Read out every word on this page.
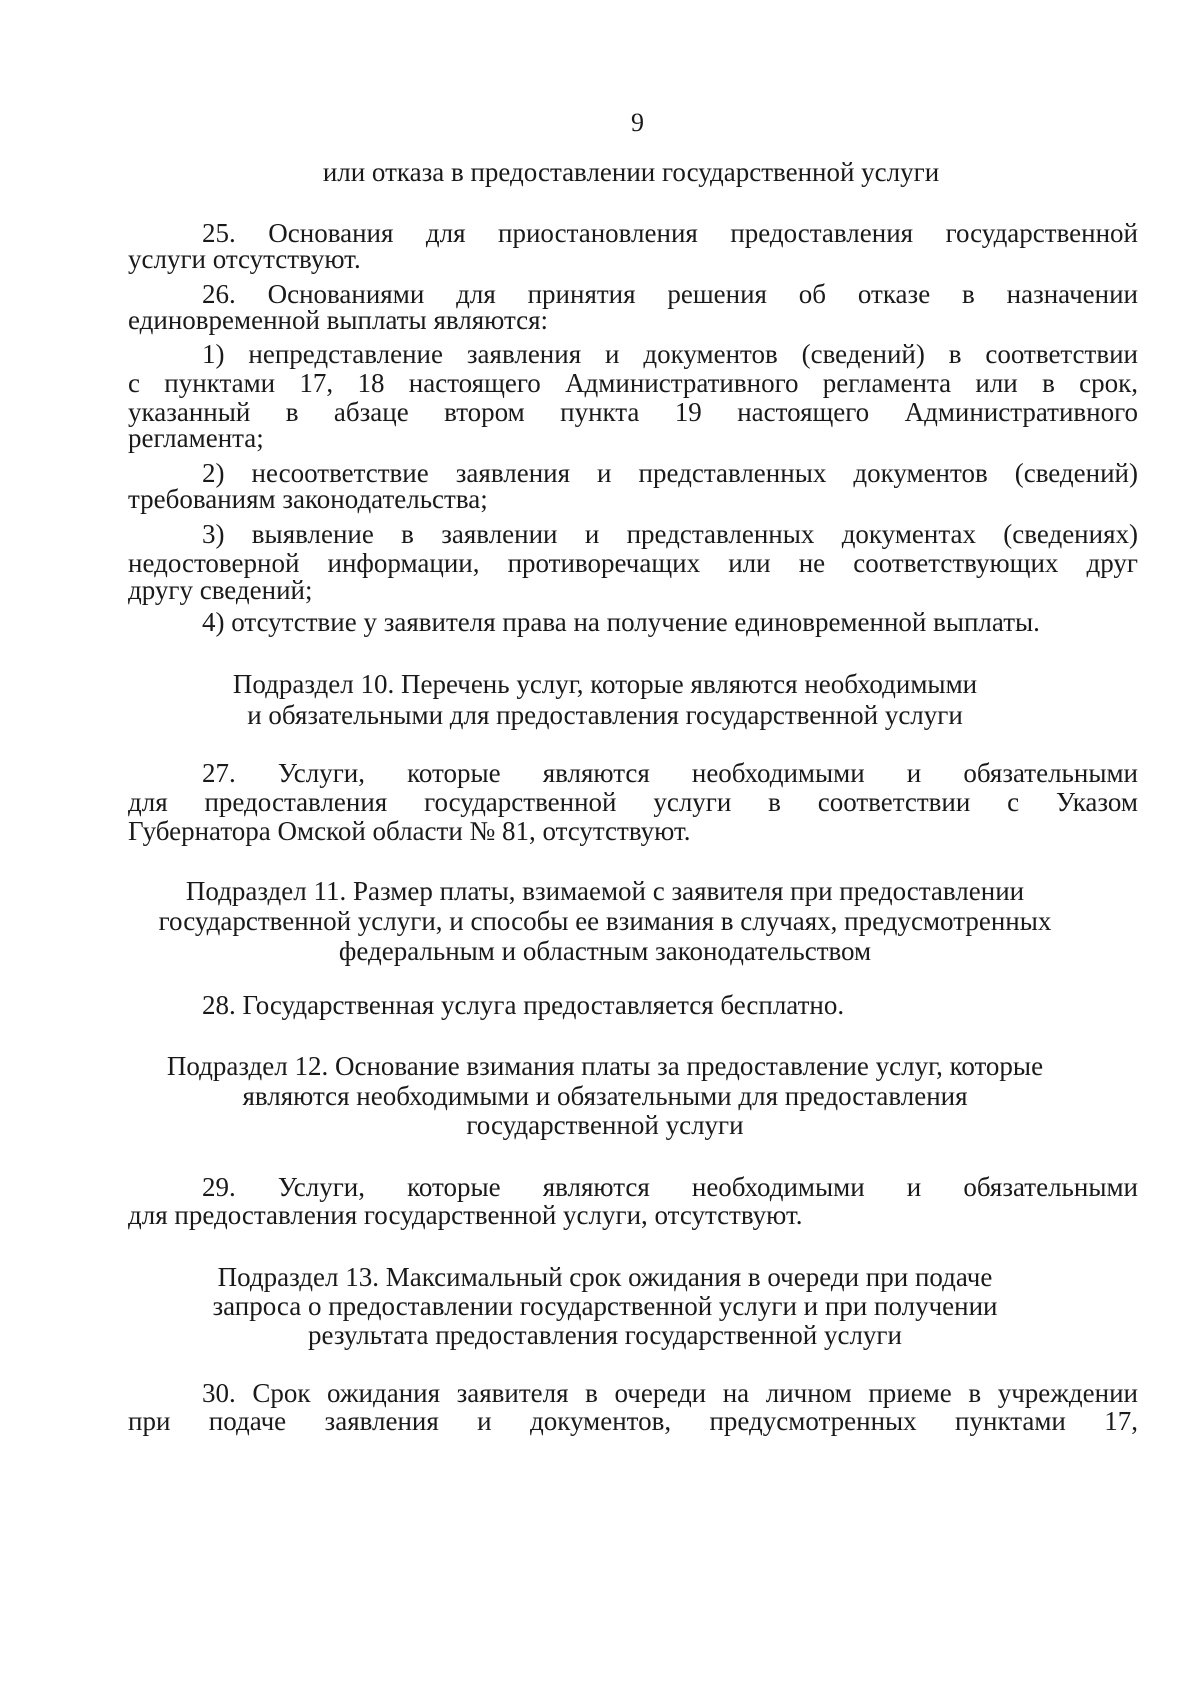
9
или отказа в предоставлении государственной услуги
25. Основания для приостановления предоставления государственной
услуги отсутствуют.
26. Основаниями для принятия решения об отказе в назначении
единовременной выплаты являются:
1) непредставление заявления и документов (сведений) в соответствии
с пунктами 17, 18 настоящего Административного регламента или в срок,
указанный в абзаце втором пункта 19 настоящего Административного
регламента;
2) несоответствие заявления и представленных документов (сведений)
требованиям законодательства;
3) выявление в заявлении и представленных документах (сведениях)
недостоверной информации, противоречащих или не соответствующих друг
другу сведений;
4) отсутствие у заявителя права на получение единовременной выплаты.
Подраздел 10. Перечень услуг, которые являются необходимыми
и обязательными для предоставления государственной услуги
27. Услуги, которые являются необходимыми и обязательными
для предоставления государственной услуги в соответствии с Указом
Губернатора Омской области № 81, отсутствуют.
Подраздел 11. Размер платы, взимаемой с заявителя при предоставлении
государственной услуги, и способы ее взимания в случаях, предусмотренных
федеральным и областным законодательством
28. Государственная услуга предоставляется бесплатно.
Подраздел 12. Основание взимания платы за предоставление услуг, которые
являются необходимыми и обязательными для предоставления
государственной услуги
29. Услуги, которые являются необходимыми и обязательными
для предоставления государственной услуги, отсутствуют.
Подраздел 13. Максимальный срок ожидания в очереди при подаче
запроса о предоставлении государственной услуги и при получении
результата предоставления государственной услуги
30. Срок ожидания заявителя в очереди на личном приеме в учреждении
при подаче заявления и документов, предусмотренных пунктами 17,
